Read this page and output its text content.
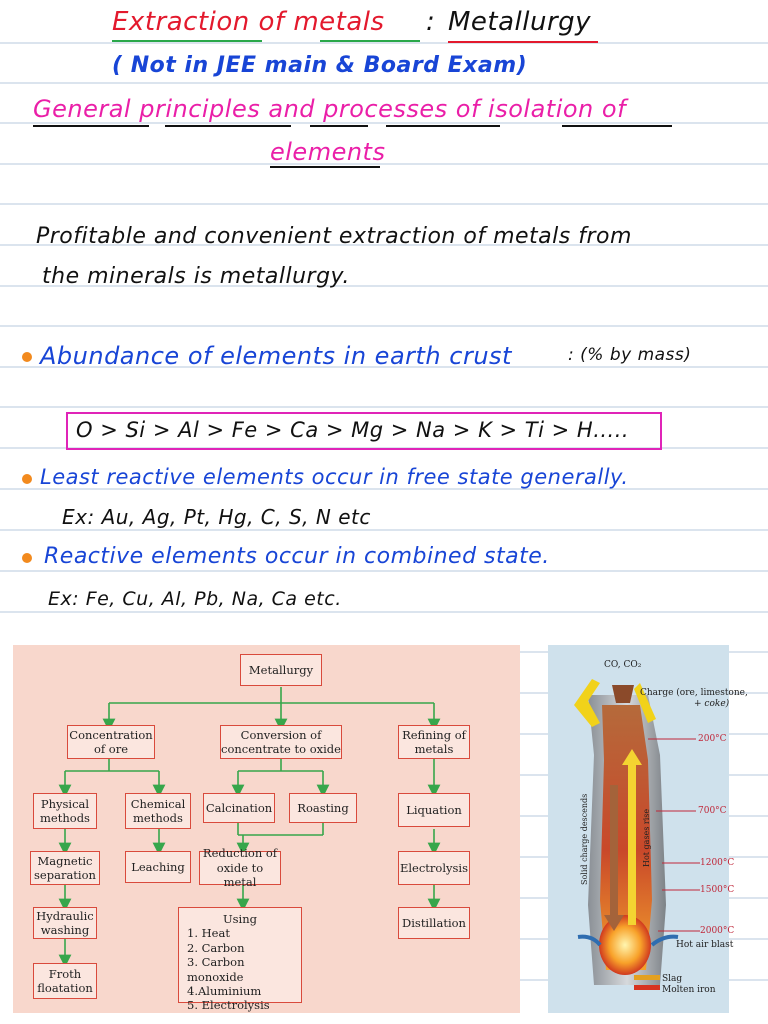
Extraction of metals : Metallurgy
( Not in JEE main & Board Exam)
General principles and processes of isolation of
elements
Profitable and convenient extraction of metals from
the minerals is metallurgy.
Abundance of elements in earth crust	: (% by mass)
O > Si > Al > Fe > Ca > Mg > Na > K > Ti > H.....
Least reactive elements occur in free state generally.
Ex: Au, Ag, Pt, Hg, C, S, N etc
Reactive elements occur in combined state.
Ex: Fe, Cu, Al, Pb, Na, Ca etc.
Metallurgy
Concentration
of ore
Conversion of
concentrate to oxide
Refining of
metals
Physical
methods
Chemical
methods
Calcination	Roasting	Liquation
Magnetic
separation
Leaching
Reduction of
oxide to metal
Electrolysis
Hydraulic
washing
Distillation
Froth
floatation
Using
1. Heat
2. Carbon
3. Carbon monoxide
4.Aluminium
5. Electrolysis
CO, CO₂
Charge (ore, limestone,
+ coke)
Solid charge descends	Hot gases rise
200°C
700°C
1200°C
1500°C
2000°C
Hot air blast
Slag
Molten iron
